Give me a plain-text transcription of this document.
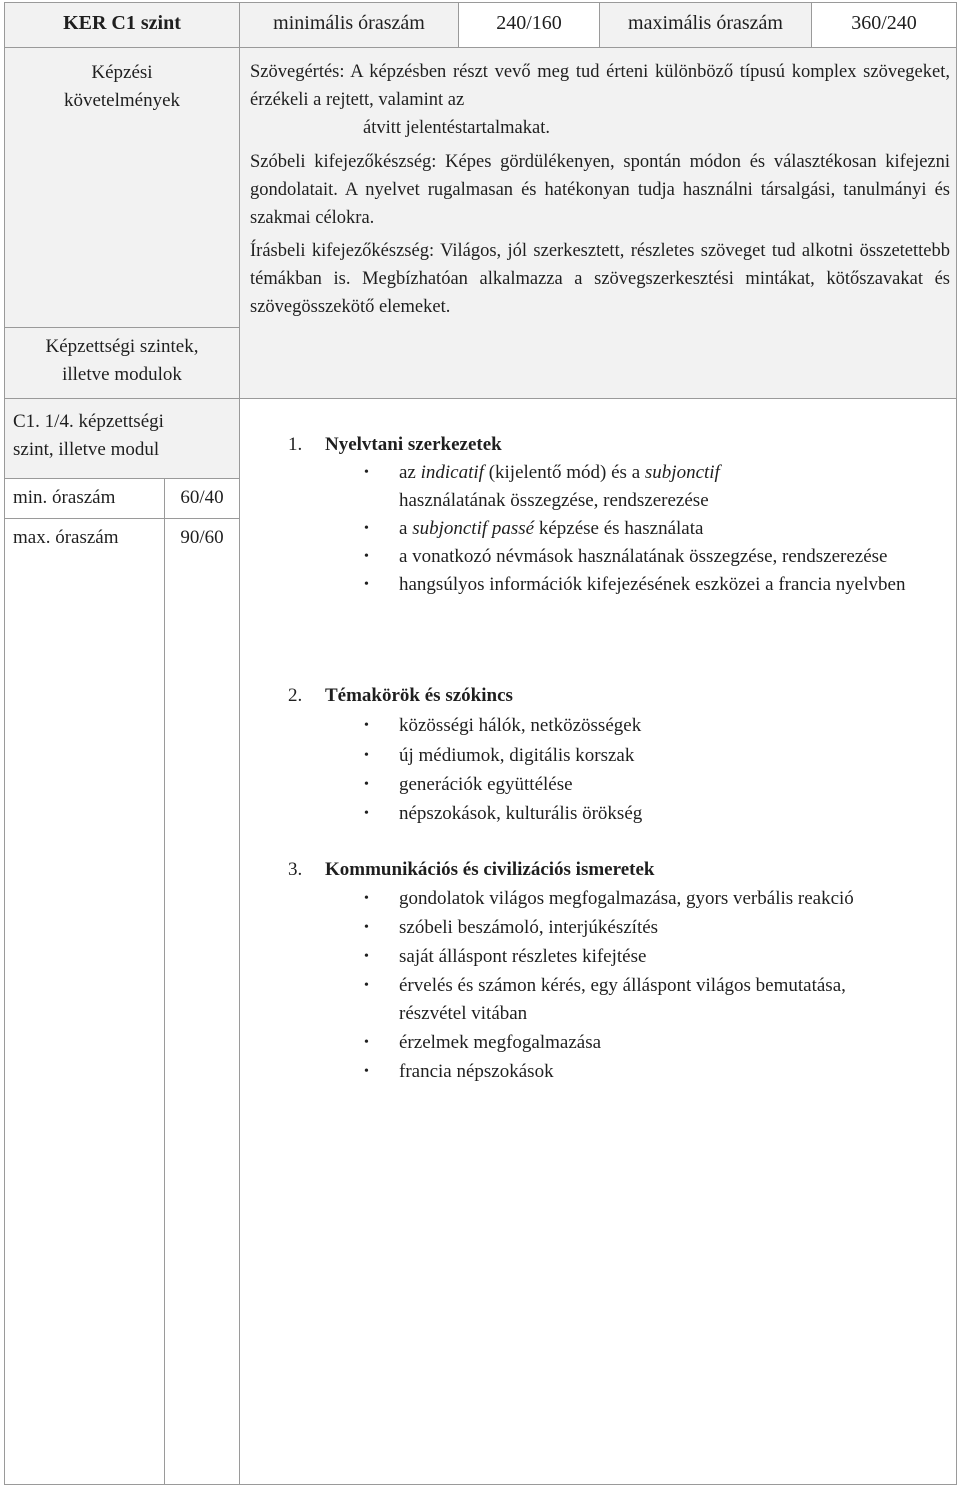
KER C1 szint	minimális óraszám	240/160	maximális óraszám	360/240
Képzési
követelmények
Képzettségi szintek,
illetve modulok
C1. 1/4. képzettségi
szint, illetve modul
min. óraszám	60/40
max. óraszám	90/60

Szövegértés: A képzésben részt vevő meg tud érteni különböző típusú komplex szövegeket, érzékeli a rejtett, valamint az
átvitt jelentéstartalmakat.

Szóbeli kifejezőkészség: Képes gördülékenyen, spontán módon és választékosan kifejezni gondolatait. A nyelvet rugalmasan és hatékonyan tudja használni társalgási, tanulmányi és szakmai célokra.

Írásbeli kifejezőkészség: Világos, jól szerkesztett, részletes szöveget tud alkotni összetettebb témákban is. Megbízhatóan alkalmazza a szövegszerkesztési mintákat, kötőszavakat és szövegösszekötő elemeket.

1. Nyelvtani szerkezetek
• az indicatif (kijelentő mód) és a subjonctif
használatának összegzése, rendszerezése
• a subjonctif passé képzése és használata
• a vonatkozó névmások használatának összegzése, rendszerezése
• hangsúlyos információk kifejezésének eszközei a francia nyelvben
2. Témakörök és szókincs
• közösségi hálók, netközösségek
• új médiumok, digitális korszak
• generációk együttélése
• népszokások, kulturális örökség
3. Kommunikációs és civilizációs ismeretek
• gondolatok világos megfogalmazása, gyors verbális reakció
• szóbeli beszámoló, interjúkészítés
• saját álláspont részletes kifejtése
• érvelés és számon kérés, egy álláspont világos bemutatása, részvétel vitában
• érzelmek megfogalmazása
• francia népszokások
